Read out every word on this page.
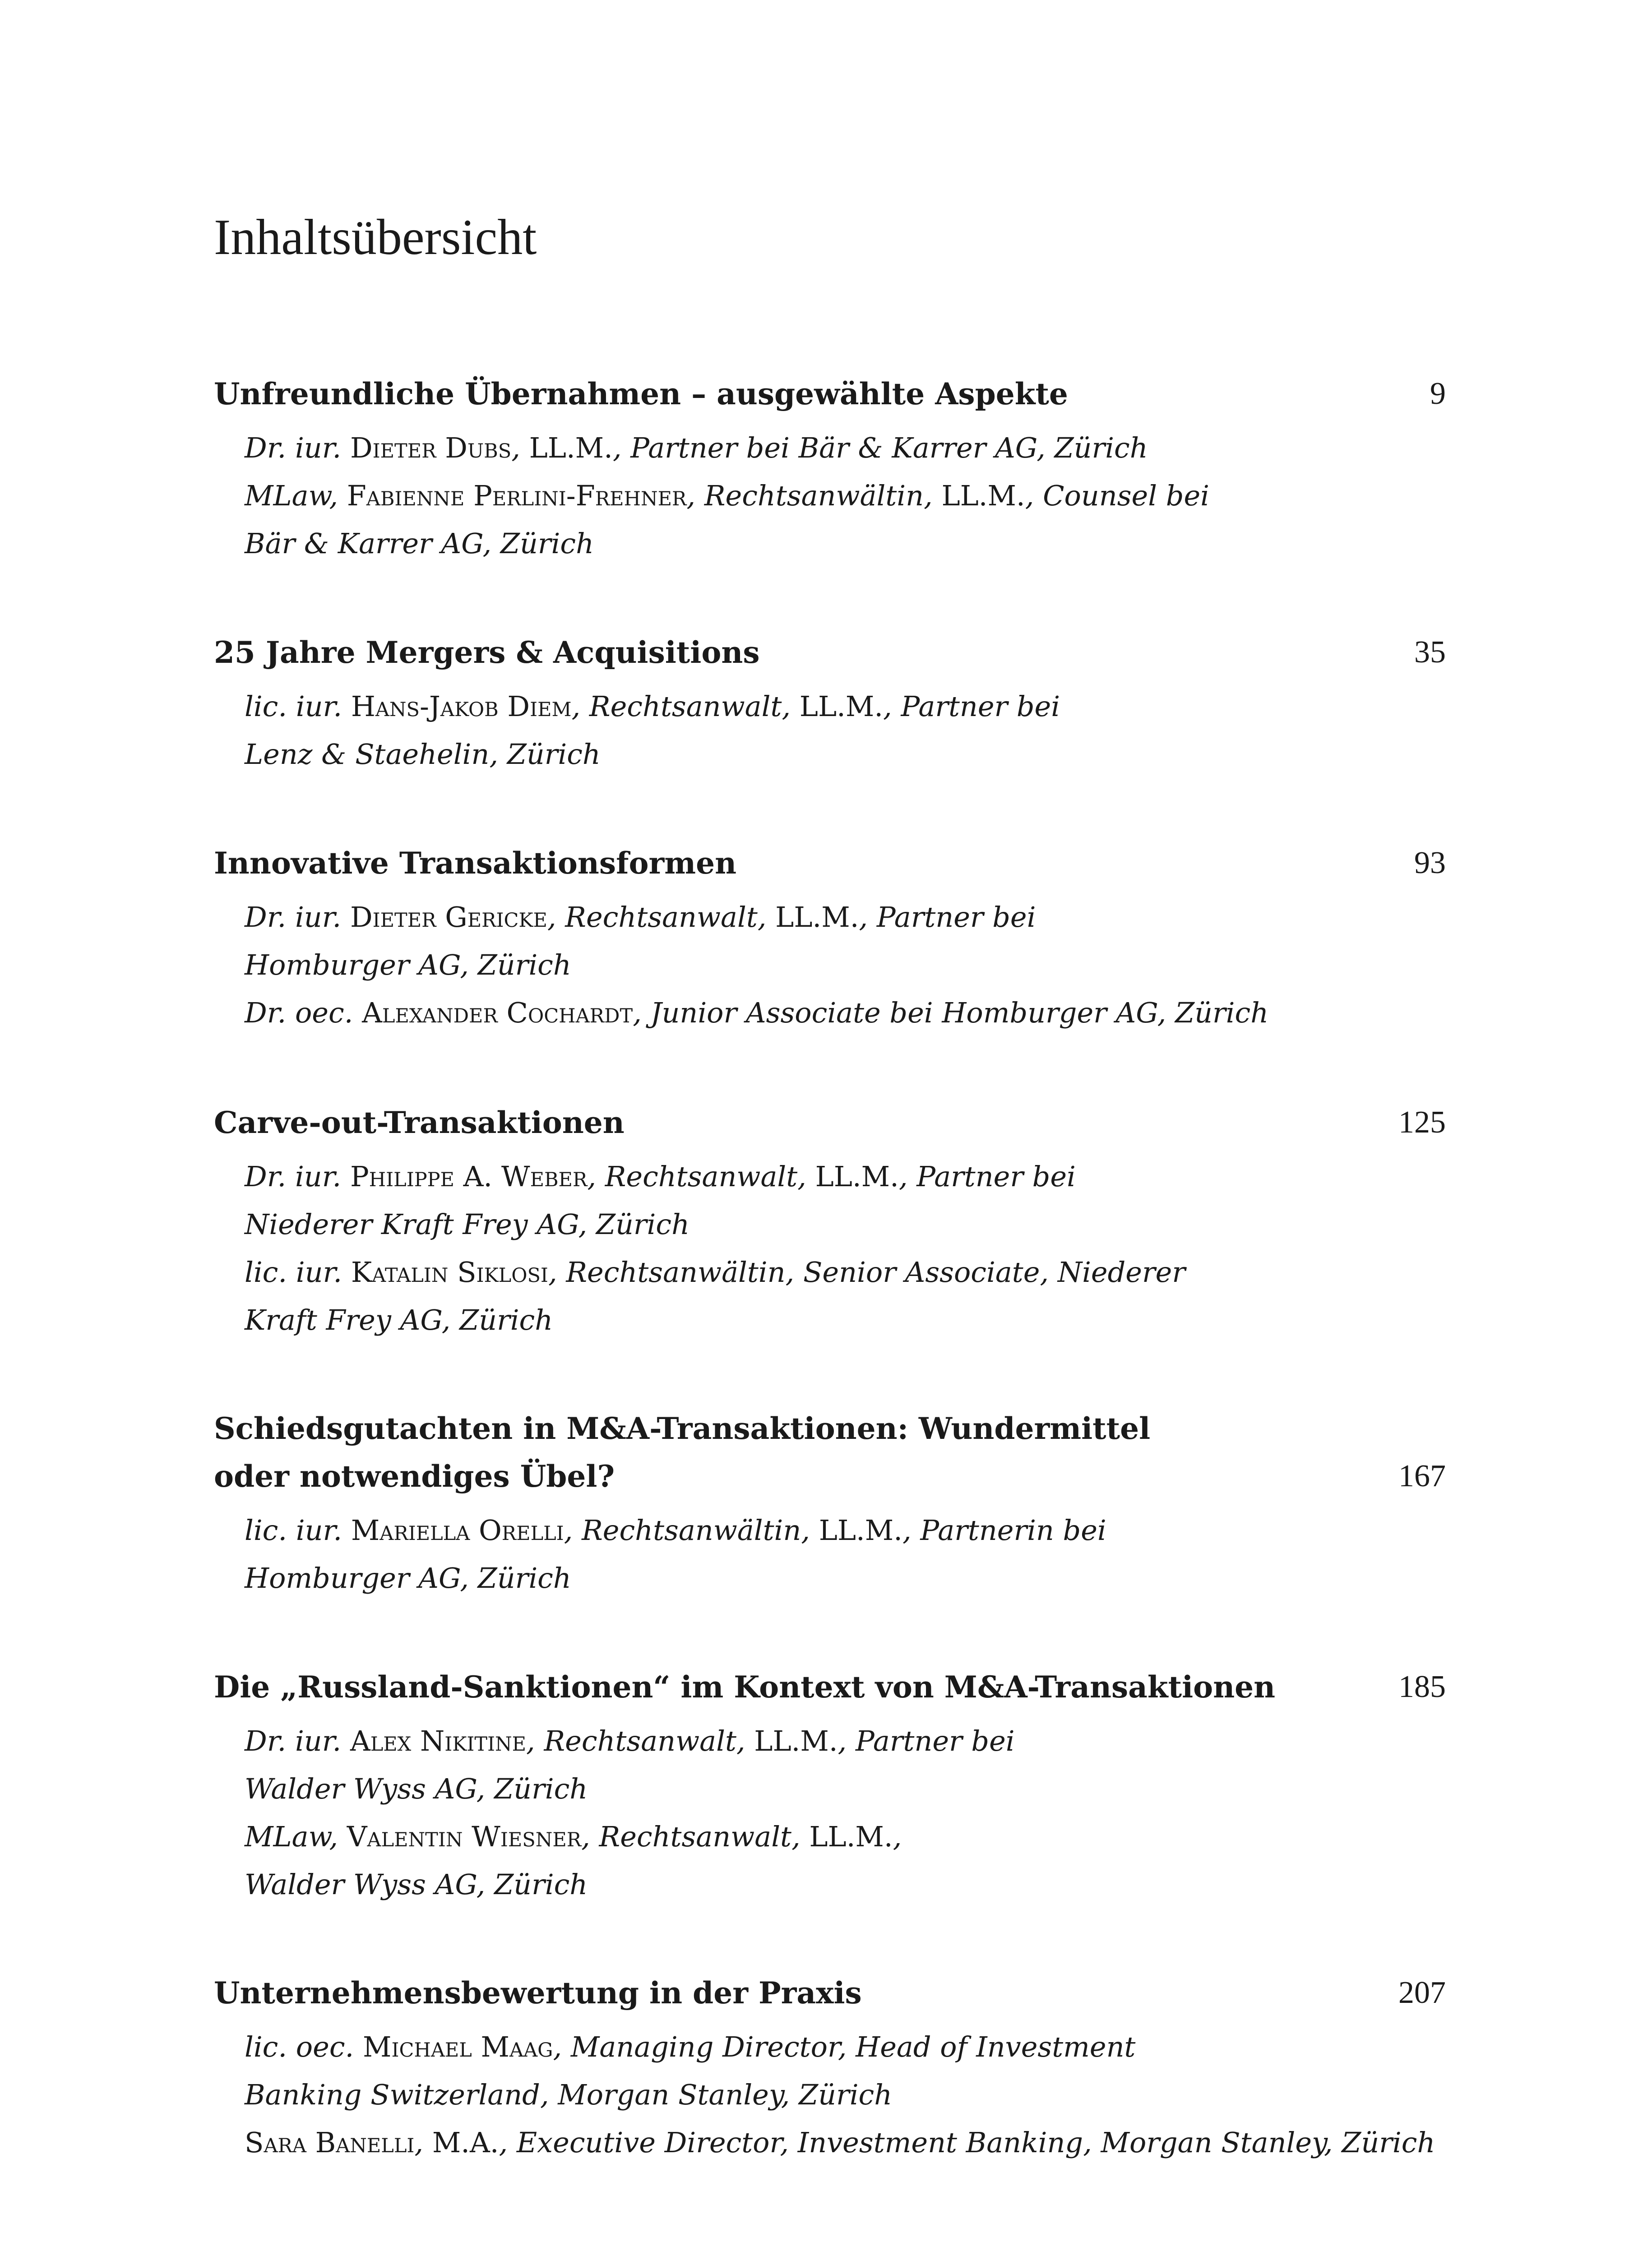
Inhaltsübersicht
Unfreundliche Übernahmen – ausgewählte Aspekte	9
Dr. iur. Dieter Dubs, LL.M., Partner bei Bär & Karrer AG, Zürich
MLaw, Fabienne Perlini-Frehner, Rechtsanwältin, LL.M., Counsel bei
Bär & Karrer AG, Zürich
25 Jahre Mergers & Acquisitions	35
lic. iur. Hans-Jakob Diem, Rechtsanwalt, LL.M., Partner bei
Lenz & Staehelin, Zürich
Innovative Transaktionsformen	93
Dr. iur. Dieter Gericke, Rechtsanwalt, LL.M., Partner bei
Homburger AG, Zürich
Dr. oec. Alexander Cochardt, Junior Associate bei Homburger AG, Zürich
Carve-out-Transaktionen	125
Dr. iur. Philippe A. Weber, Rechtsanwalt, LL.M., Partner bei
Niederer Kraft Frey AG, Zürich
lic. iur. Katalin Siklosi, Rechtsanwältin, Senior Associate, Niederer
Kraft Frey AG, Zürich
Schiedsgutachten in M&A-Transaktionen: Wundermittel
oder notwendiges Übel?	167
lic. iur. Mariella Orelli, Rechtsanwältin, LL.M., Partnerin bei
Homburger AG, Zürich
Die „Russland-Sanktionen“ im Kontext von M&A-Transaktionen	185
Dr. iur. Alex Nikitine, Rechtsanwalt, LL.M., Partner bei
Walder Wyss AG, Zürich
MLaw, Valentin Wiesner, Rechtsanwalt, LL.M.,
Walder Wyss AG, Zürich
Unternehmensbewertung in der Praxis	207
lic. oec. Michael Maag, Managing Director, Head of Investment
Banking Switzerland, Morgan Stanley, Zürich
Sara Banelli, M.A., Executive Director, Investment Banking, Morgan Stanley, Zürich
